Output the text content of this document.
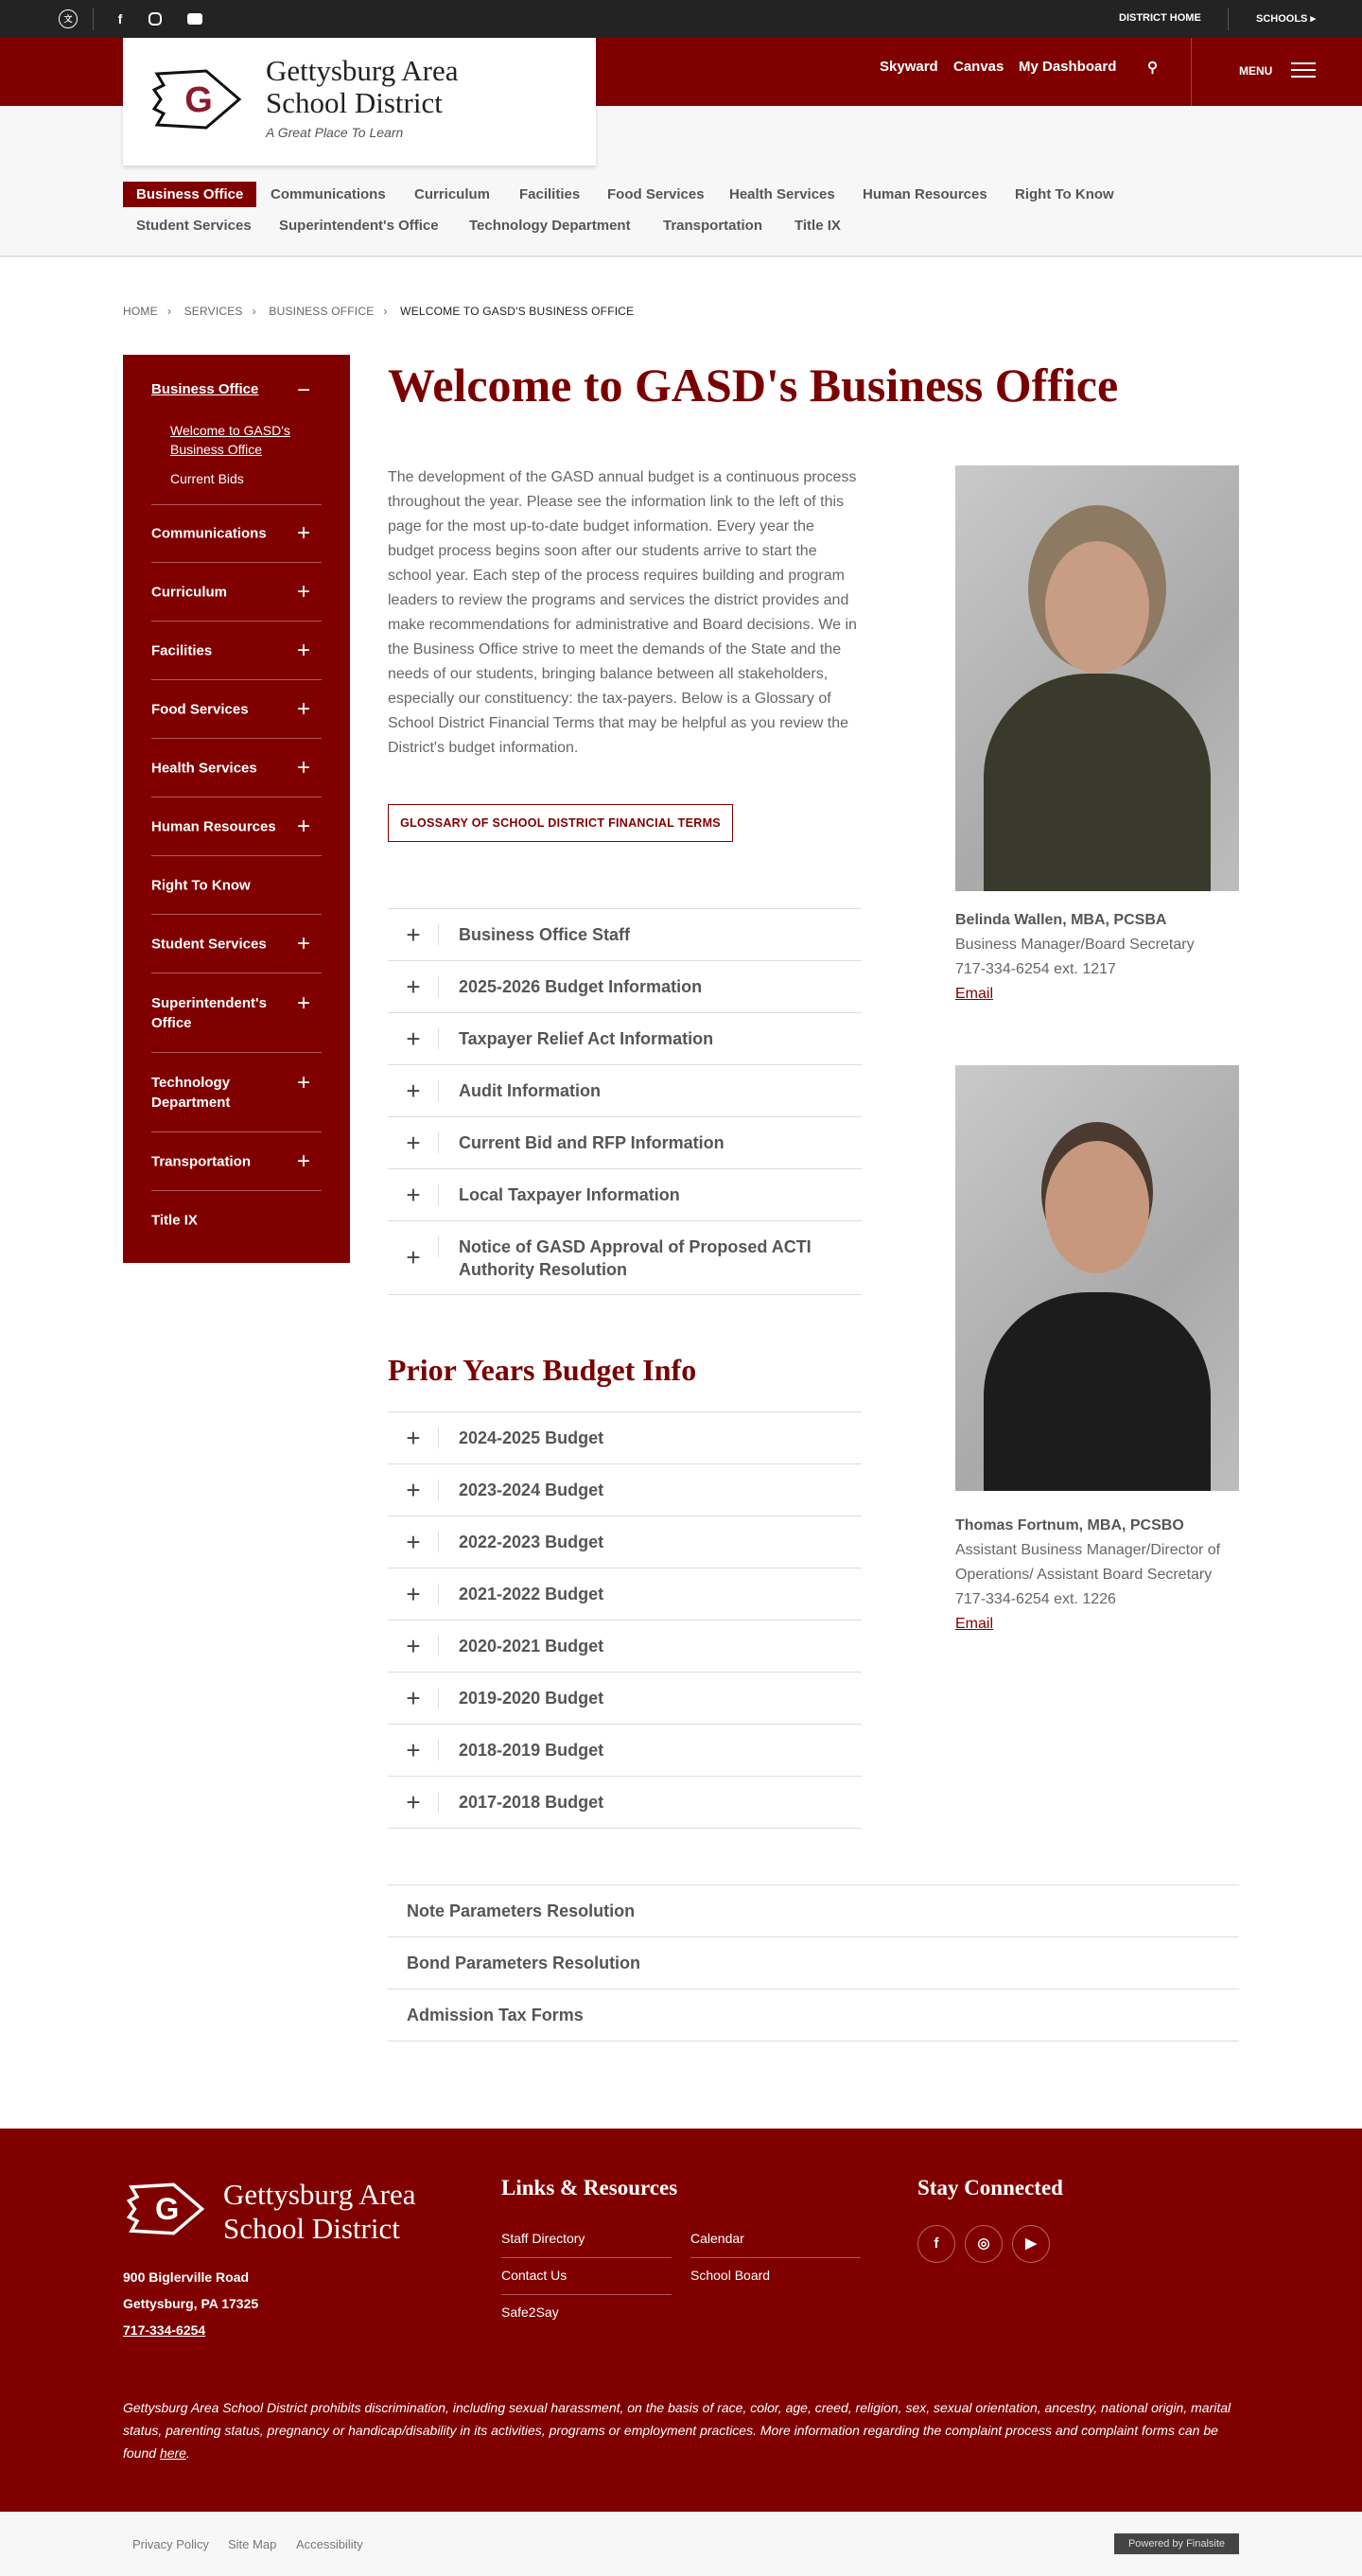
文	f	DISTRICT HOME	SCHOOLS ▸
Skyward Canvas My Dashboard ⚲	MENU
G
Gettysburg Area
School District
A Great Place To Learn
Business Office	Communications	Curriculum	Facilities	Food Services	Health Services	Human Resources	Right To Know
Student Services	Superintendent's Office	Technology Department	Transportation	Title IX
HOME › SERVICES › BUSINESS OFFICE › WELCOME TO GASD'S BUSINESS OFFICE
Business Office −
Welcome to GASD's Business Office
Current Bids
Communications	+
Curriculum	+
Facilities	+
Food Services	+
Health Services	+
Human Resources +
Right To Know
Student Services	+
Superintendent's Office
+
Technology Department
+
Transportation	+
Title IX
Welcome to GASD's Business Office

The development of the GASD annual budget is a continuous process throughout the year. Please see the information link to the left of this page for the most up-to-date budget information. Every year the budget process begins soon after our students arrive to start the school year. Each step of the process requires building and program leaders to review the programs and services the district provides and make recommendations for administrative and Board decisions. We in the Business Office strive to meet the demands of the State and the needs of our students, bringing balance between all stakeholders, especially our constituency: the tax-payers. Below is a Glossary of School District Financial Terms that may be helpful as you review the District's budget information.

GLOSSARY OF SCHOOL DISTRICT FINANCIAL TERMS
+	Business Office Staff
+	2025-2026 Budget Information
+	Taxpayer Relief Act Information
+	Audit Information
+	Current Bid and RFP Information
+	Local Taxpayer Information
+	Notice of GASD Approval of Proposed ACTI Authority Resolution
Prior Years Budget Info
+	2024-2025 Budget
+	2023-2024 Budget
+	2022-2023 Budget
+	2021-2022 Budget
+	2020-2021 Budget
+	2019-2020 Budget
+	2018-2019 Budget
+	2017-2018 Budget
Belinda Wallen, MBA, PCSBA
Business Manager/Board Secretary
717-334-6254 ext. 1217
Email
Thomas Fortnum, MBA, PCSBO
Assistant Business Manager/Director of Operations/ Assistant Board Secretary
717-334-6254 ext. 1226
Email
Note Parameters Resolution
Bond Parameters Resolution
Admission Tax Forms
G Gettysburg Area
School District
900 Biglerville Road
Gettysburg, PA 17325
717-334-6254
Links & Resources
Staff Directory	Calendar
Contact Us	School Board
Safe2Say
Stay Connected

Gettysburg Area School District prohibits discrimination, including sexual harassment, on the basis of race, color, age, creed, religion, sex, sexual orientation, ancestry, national origin, marital status, parenting status, pregnancy or handicap/disability in its activities, programs or employment practices. More information regarding the complaint process and complaint forms can be found here.

f	◎	▶
Privacy Policy Site Map Accessibility	Powered by Finalsite
